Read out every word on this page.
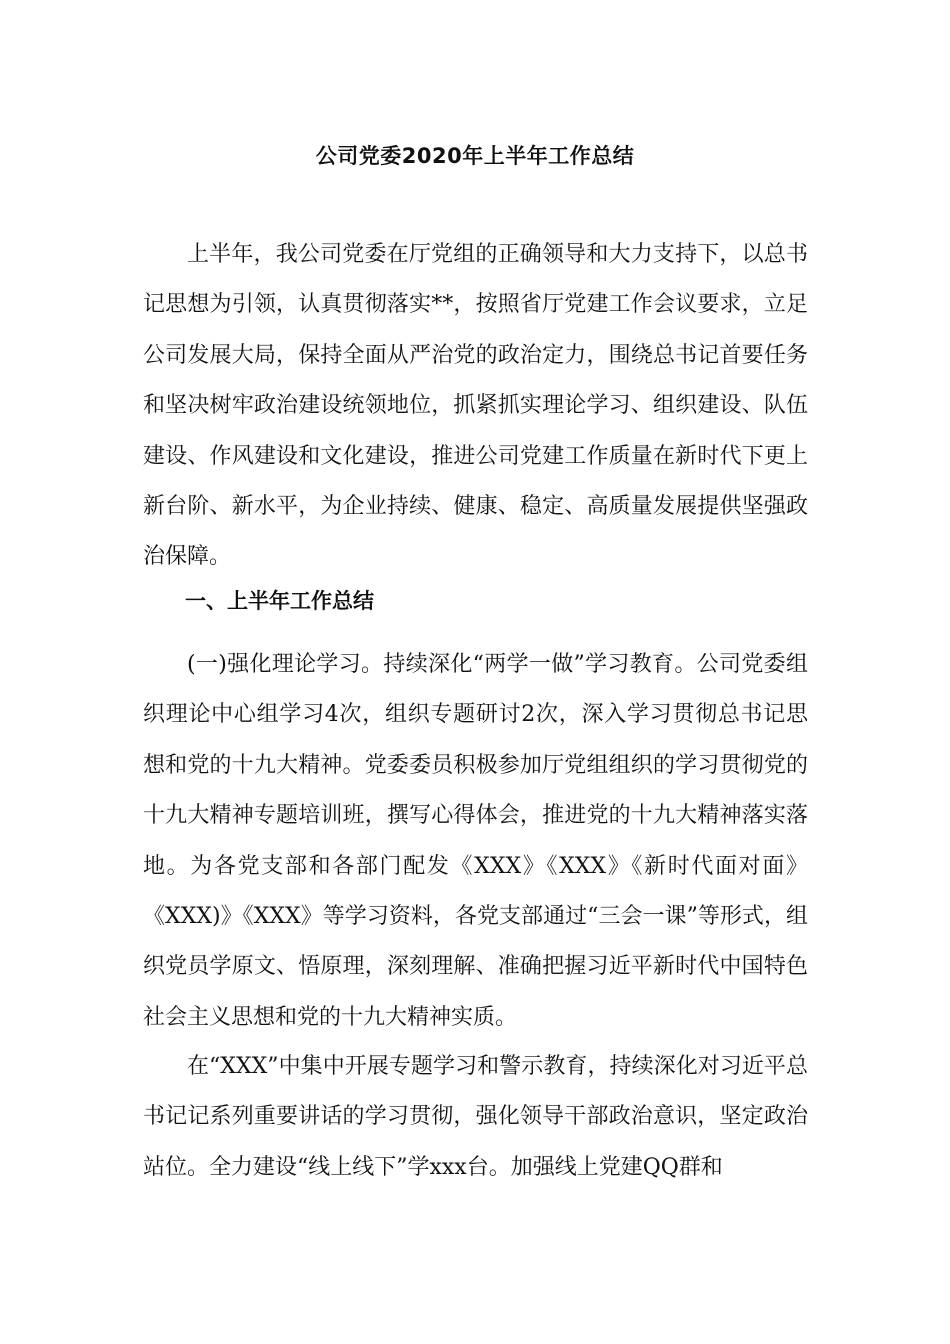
公司党委2020年上半年工作总结

上半年，我公司党委在厅党组的正确领导和大力支持下，以总书记思想为引领，认真贯彻落实**，按照省厅党建工作会议要求，立足公司发展大局，保持全面从严治党的政治定力，围绕总书记首要任务和坚决树牢政治建设统领地位，抓紧抓实理论学习、组织建设、队伍建设、作风建设和文化建设，推进公司党建工作质量在新时代下更上新台阶、新水平，为企业持续、健康、稳定、高质量发展提供坚强政治保障。

一、上半年工作总结

(一)强化理论学习。持续深化“两学一做”学习教育。公司党委组织理论中心组学习4次，组织专题研讨2次，深入学习贯彻总书记思想和党的十九大精神。党委委员积极参加厅党组组织的学习贯彻党的十九大精神专题培训班，撰写心得体会，推进党的十九大精神落实落地。为各党支部和各部门配发《XXX》《XXX》《新时代面对面》《XXX)》《XXX》等学习资料，各党支部通过“三会一课”等形式，组织党员学原文、悟原理，深刻理解、准确把握习近平新时代中国特色社会主义思想和党的十九大精神实质。

在“XXX”中集中开展专题学习和警示教育，持续深化对习近平总书记记系列重要讲话的学习贯彻，强化领导干部政治意识，坚定政治站位。全力建设“线上线下”学xxx台。加强线上党建QQ群和
